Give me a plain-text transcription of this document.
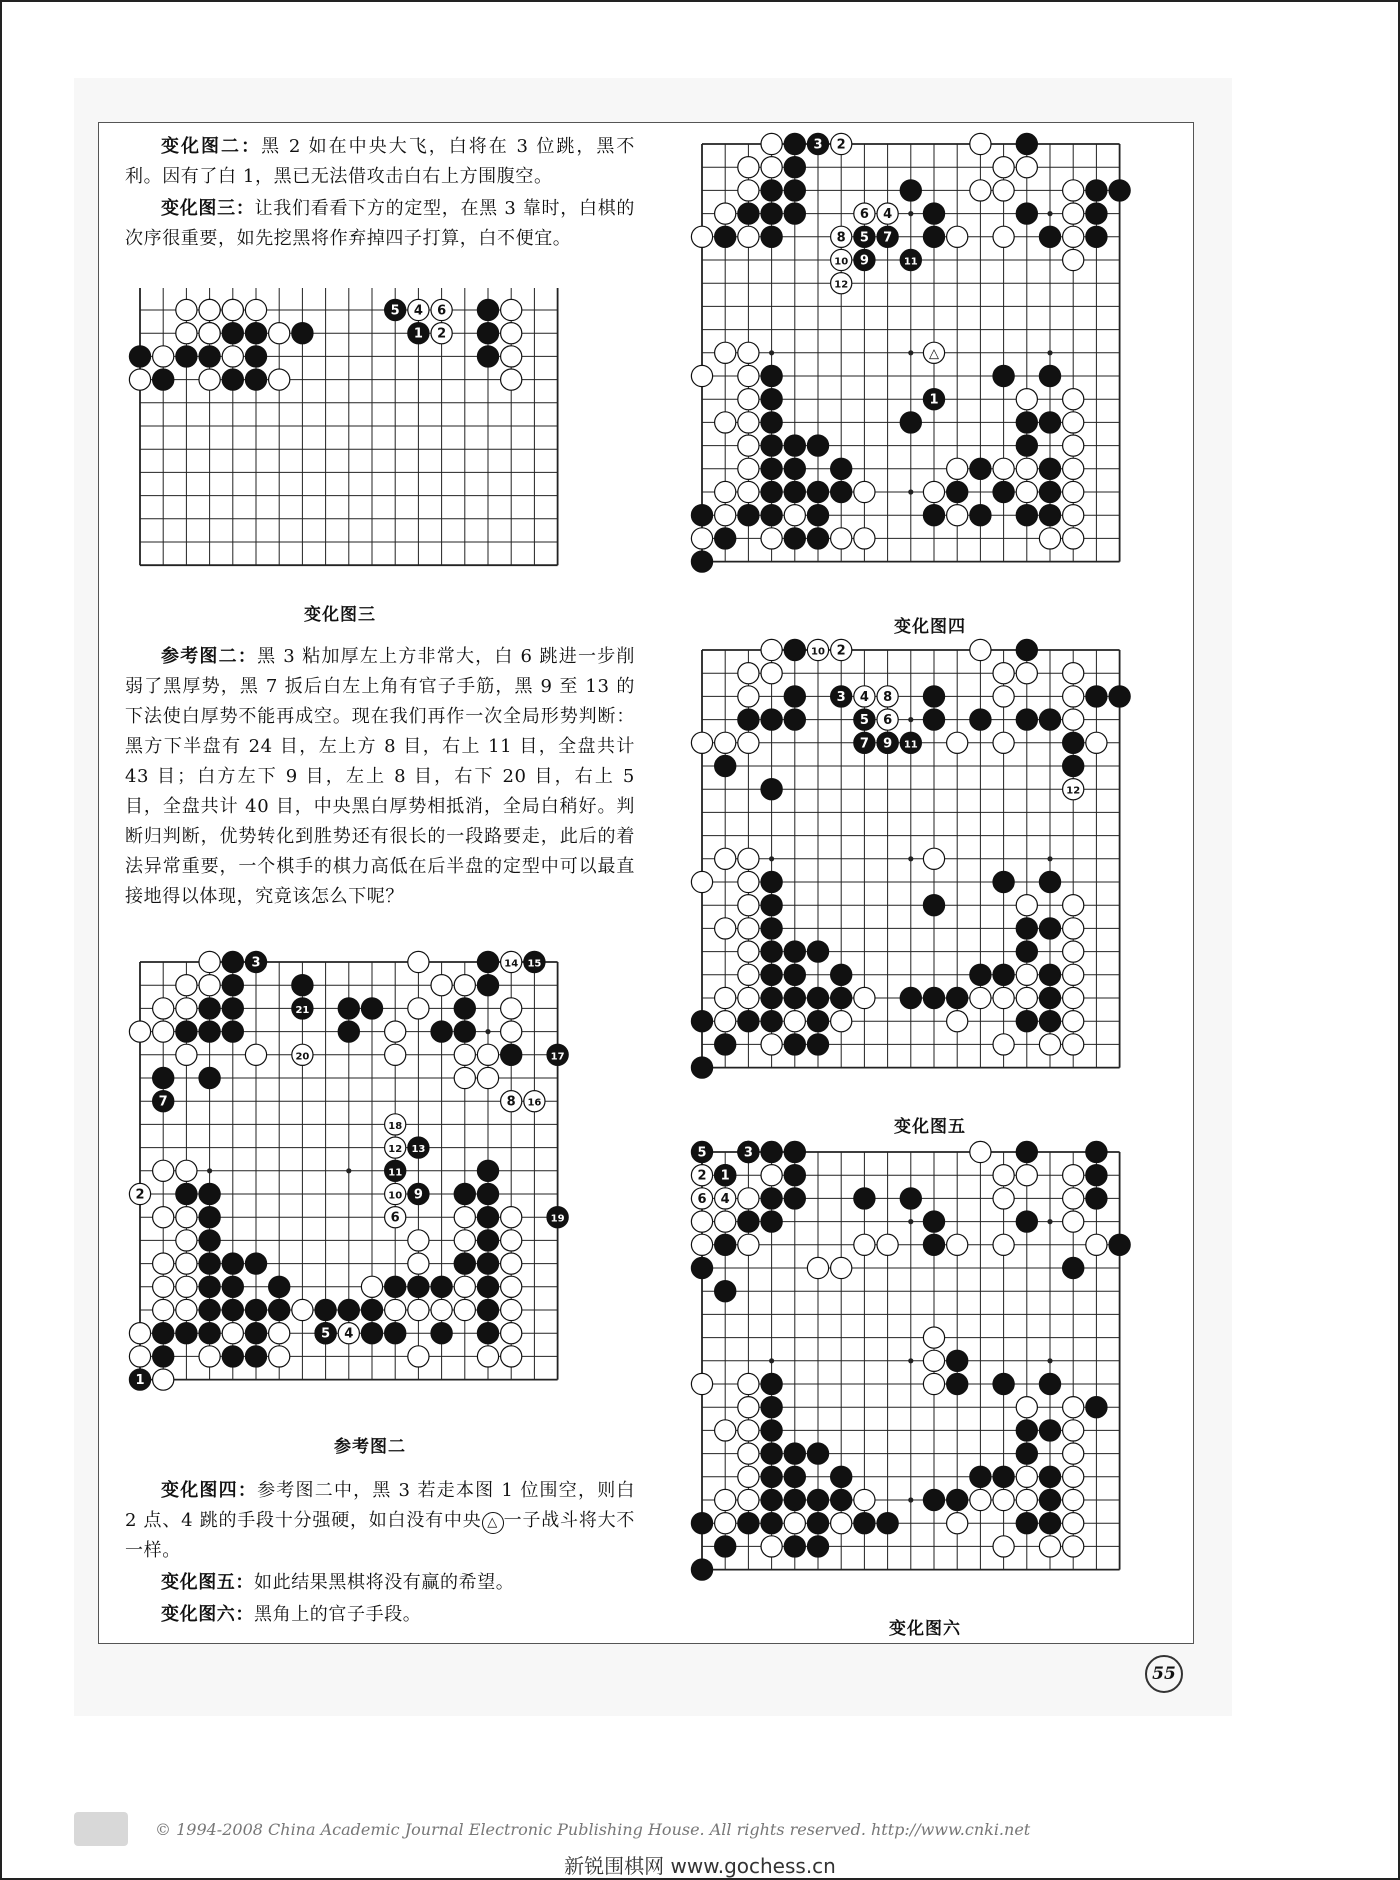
变化图二：黑 2 如在中央大飞，白将在 3 位跳，黑不利。因有了白 1，黑已无法借攻击白右上方围腹空。

变化图三：让我们看看下方的定型，在黑 3 靠时，白棋的次序很重要，如先挖黑将作弃掉四子打算，白不便宜。

5 4 6
1 2
变化图三

参考图二：黑 3 粘加厚左上方非常大，白 6 跳进一步削弱了黑厚势，黑 7 扳后白左上角有官子手筋，黑 9 至 13 的下法使白厚势不能再成空。现在我们再作一次全局形势判断：黑方下半盘有 24 目，左上方 8 目，右上 11 目，全盘共计 43 目；白方左下 9 目，左上 8 目，右下 20 目，右上 5 目，全盘共计 40 目，中央黑白厚势相抵消，全局白稍好。判断归判断，优势转化到胜势还有很长的一段路要走，此后的着法异常重要，一个棋手的棋力高低在后半盘的定型中可以最直接地得以体现，究竟该怎么下呢？

3
21
20
7
14 15
17
8 16
18
12 13
11
10 9
6
2
19
5 4
1
参考图二

变化图四：参考图二中，黑 3 若走本图 1 位围空，则白 2 点、4 跳的手段十分强硬，如白没有中央 △ 一子战斗将大不一样。

变化图五：如此结果黑棋将没有赢的希望。

变化图六：黑角上的官子手段。

3 2
6 4
8 5 7
10 9	11
12
△
1
变化图四
10 2
3 4 8
5 6
7 9 11
12
变化图五
5	3
2 1
6 4
变化图六
55
© 1994-2008 China Academic Journal Electronic Publishing House. All rights reserved. http://www.cnki.net
新锐围棋网 www.gochess.cn
